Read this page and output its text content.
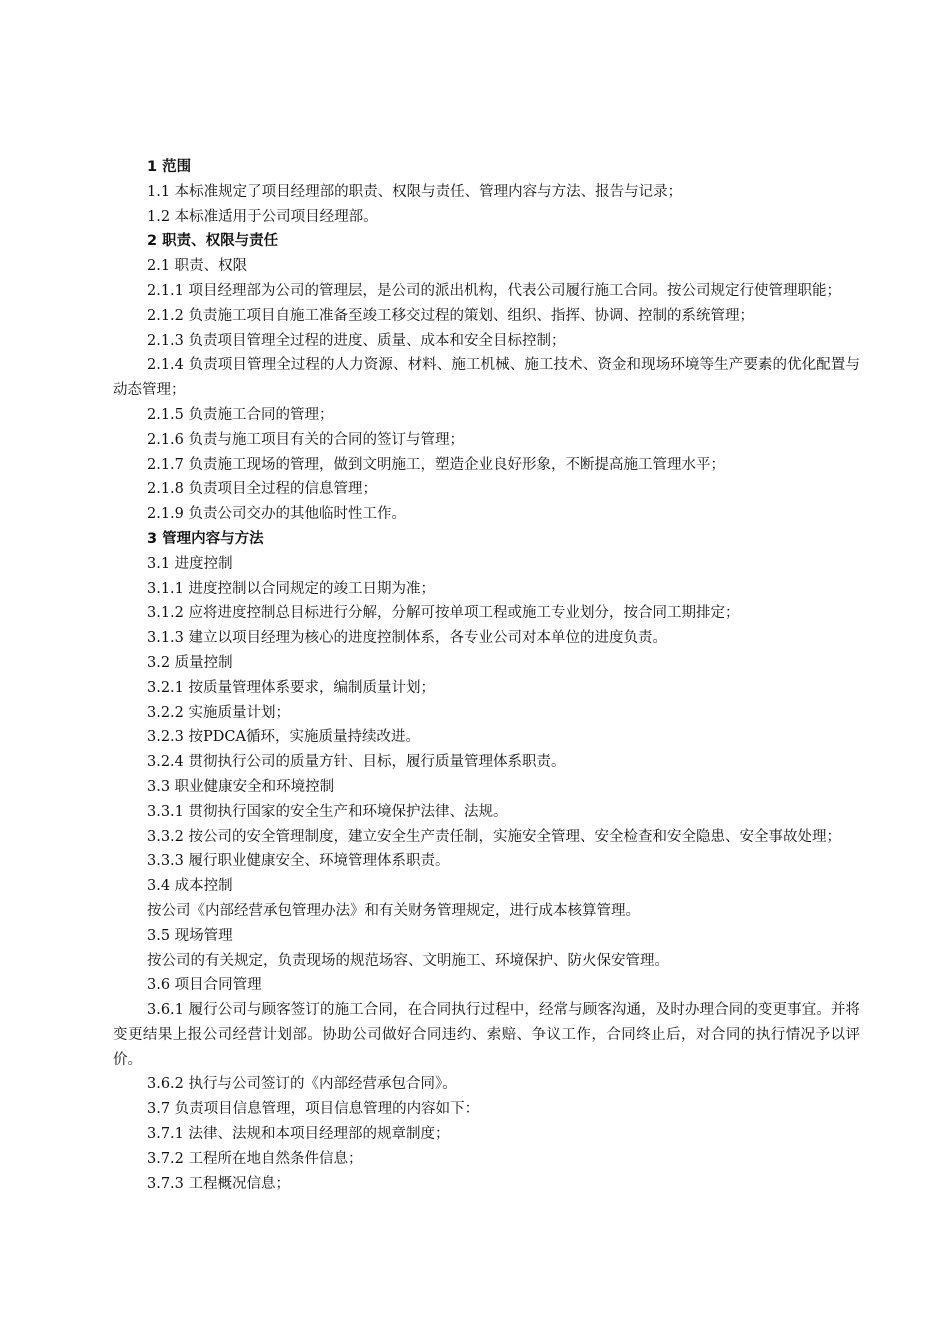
1 范围

1.1 本标准规定了项目经理部的职责、权限与责任、管理内容与方法、报告与记录；

1.2 本标准适用于公司项目经理部。

2 职责、权限与责任

2.1 职责、权限

2.1.1 项目经理部为公司的管理层，是公司的派出机构，代表公司履行施工合同。按公司规定行使管理职能；

2.1.2 负责施工项目自施工准备至竣工移交过程的策划、组织、指挥、协调、控制的系统管理；

2.1.3 负责项目管理全过程的进度、质量、成本和安全目标控制；

2.1.4 负责项目管理全过程的人力资源、材料、施工机械、施工技术、资金和现场环境等生产要素的优化配置与动态管理；

2.1.5 负责施工合同的管理；

2.1.6 负责与施工项目有关的合同的签订与管理；

2.1.7 负责施工现场的管理，做到文明施工，塑造企业良好形象，不断提高施工管理水平；

2.1.8 负责项目全过程的信息管理；

2.1.9 负责公司交办的其他临时性工作。

3 管理内容与方法

3.1 进度控制

3.1.1 进度控制以合同规定的竣工日期为准；

3.1.2 应将进度控制总目标进行分解，分解可按单项工程或施工专业划分，按合同工期排定；

3.1.3 建立以项目经理为核心的进度控制体系，各专业公司对本单位的进度负责。

3.2 质量控制

3.2.1 按质量管理体系要求，编制质量计划；

3.2.2 实施质量计划；

3.2.3 按PDCA循环，实施质量持续改进。

3.2.4 贯彻执行公司的质量方针、目标，履行质量管理体系职责。

3.3 职业健康安全和环境控制

3.3.1 贯彻执行国家的安全生产和环境保护法律、法规。

3.3.2 按公司的安全管理制度，建立安全生产责任制，实施安全管理、安全检查和安全隐患、安全事故处理；

3.3.3 履行职业健康安全、环境管理体系职责。

3.4 成本控制

按公司《内部经营承包管理办法》和有关财务管理规定，进行成本核算管理。

3.5 现场管理

按公司的有关规定，负责现场的规范场容、文明施工、环境保护、防火保安管理。

3.6 项目合同管理

3.6.1 履行公司与顾客签订的施工合同，在合同执行过程中，经常与顾客沟通，及时办理合同的变更事宜。并将变更结果上报公司经营计划部。协助公司做好合同违约、索赔、争议工作，合同终止后，对合同的执行情况予以评价。

3.6.2 执行与公司签订的《内部经营承包合同》。

3.7 负责项目信息管理，项目信息管理的内容如下：

3.7.1 法律、法规和本项目经理部的规章制度；

3.7.2 工程所在地自然条件信息；

3.7.3 工程概况信息；
